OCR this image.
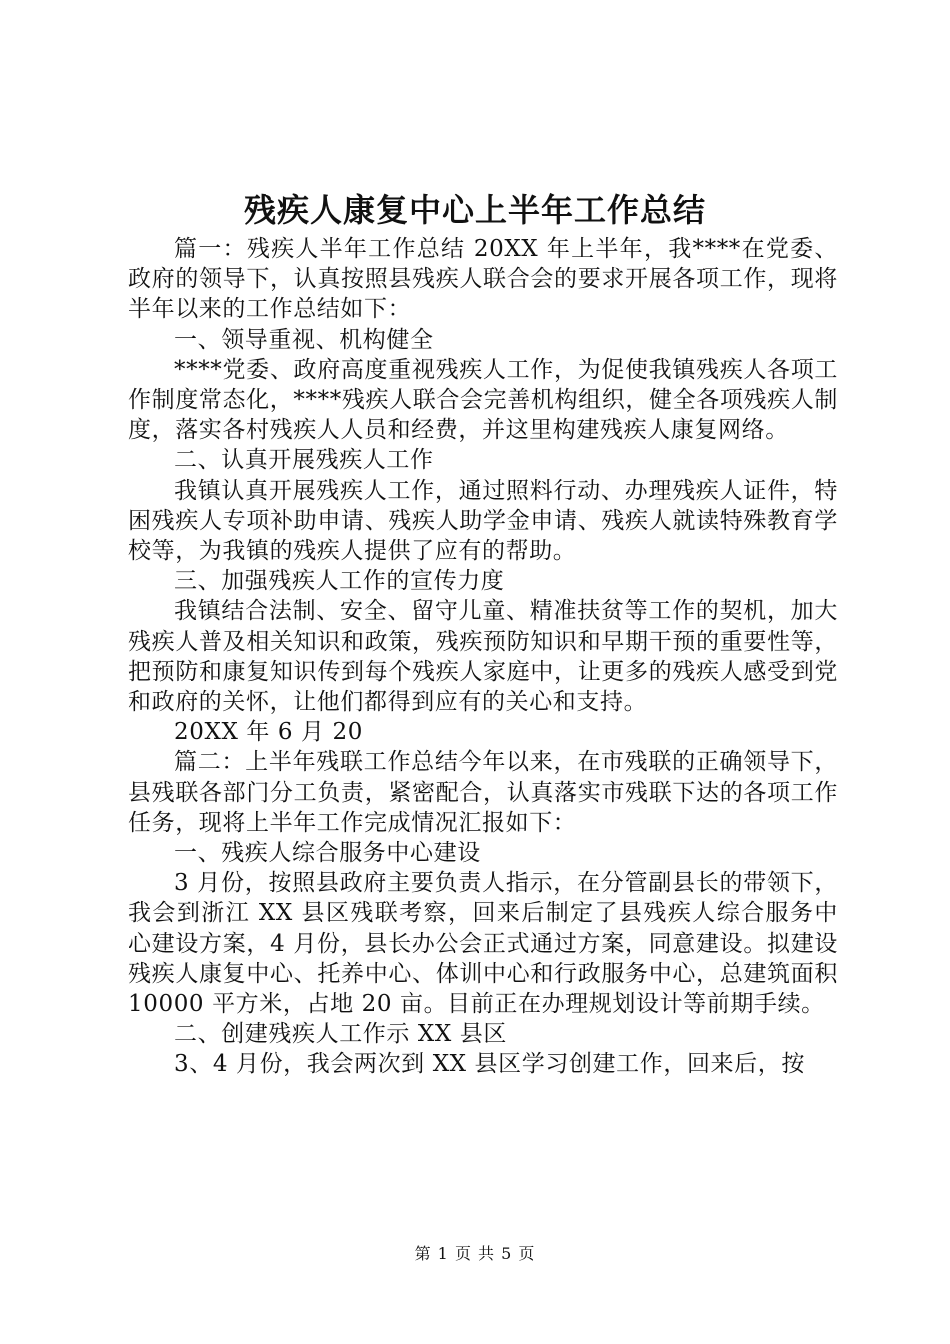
残疾人康复中心上半年工作总结

篇一：残疾人半年工作总结 20XX 年上半年，我****在党委、政府的领导下，认真按照县残疾人联合会的要求开展各项工作，现将半年以来的工作总结如下：

一、领导重视、机构健全

****党委、政府高度重视残疾人工作，为促使我镇残疾人各项工作制度常态化，****残疾人联合会完善机构组织，健全各项残疾人制度，落实各村残疾人人员和经费，并这里构建残疾人康复网络。

二、认真开展残疾人工作

我镇认真开展残疾人工作，通过照料行动、办理残疾人证件，特困残疾人专项补助申请、残疾人助学金申请、残疾人就读特殊教育学校等，为我镇的残疾人提供了应有的帮助。

三、加强残疾人工作的宣传力度

我镇结合法制、安全、留守儿童、精准扶贫等工作的契机，加大残疾人普及相关知识和政策，残疾预防知识和早期干预的重要性等，把预防和康复知识传到每个残疾人家庭中，让更多的残疾人感受到党和政府的关怀，让他们都得到应有的关心和支持。

20XX 年 6 月 20

篇二：上半年残联工作总结今年以来，在市残联的正确领导下，县残联各部门分工负责，紧密配合，认真落实市残联下达的各项工作任务，现将上半年工作完成情况汇报如下：

一、残疾人综合服务中心建设

3 月份，按照县政府主要负责人指示，在分管副县长的带领下，我会到浙江 XX 县区残联考察，回来后制定了县残疾人综合服务中心建设方案，4 月份，县长办公会正式通过方案，同意建设。拟建设残疾人康复中心、托养中心、体训中心和行政服务中心，总建筑面积 10000 平方米，占地 20 亩。目前正在办理规划设计等前期手续。

二、创建残疾人工作示 XX 县区

3、4 月份，我会两次到 XX 县区学习创建工作，回来后，按

第 1 页 共 5 页
